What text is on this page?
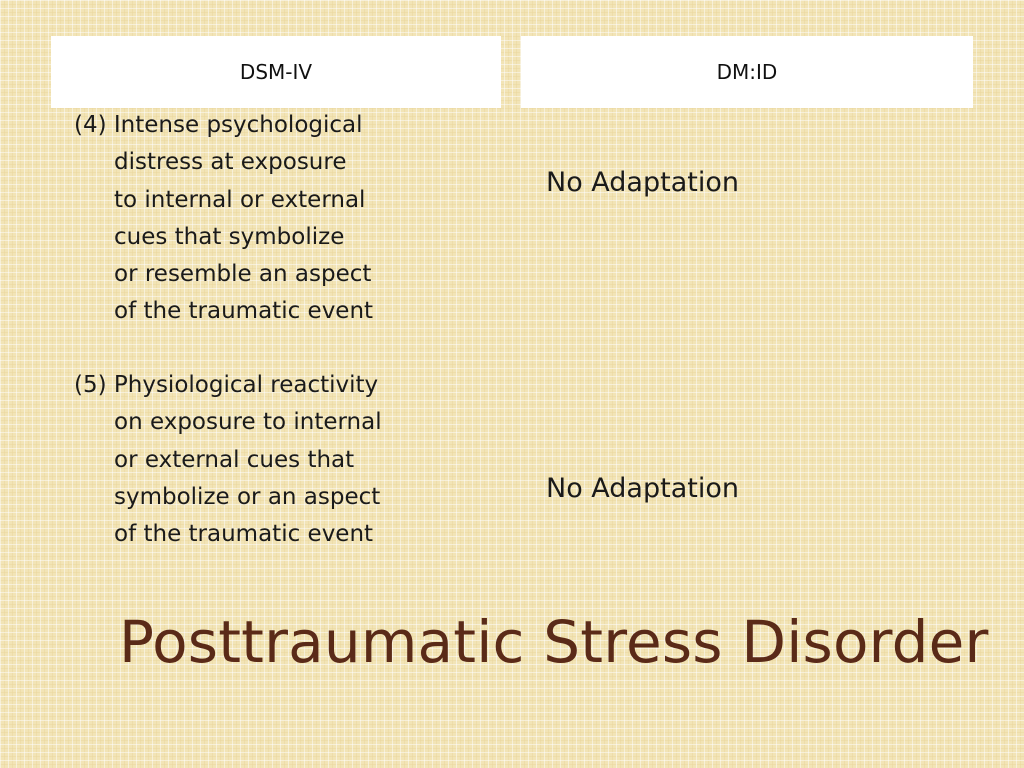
DSM-IV	DM:ID
(4) Intense psychological
distress at exposure
to internal or external
cues that symbolize
or resemble an aspect
of the traumatic event
(5) Physiological reactivity
on exposure to internal
or external cues that
symbolize or an aspect
of the traumatic event
No Adaptation
No Adaptation
Posttraumatic Stress Disorder
